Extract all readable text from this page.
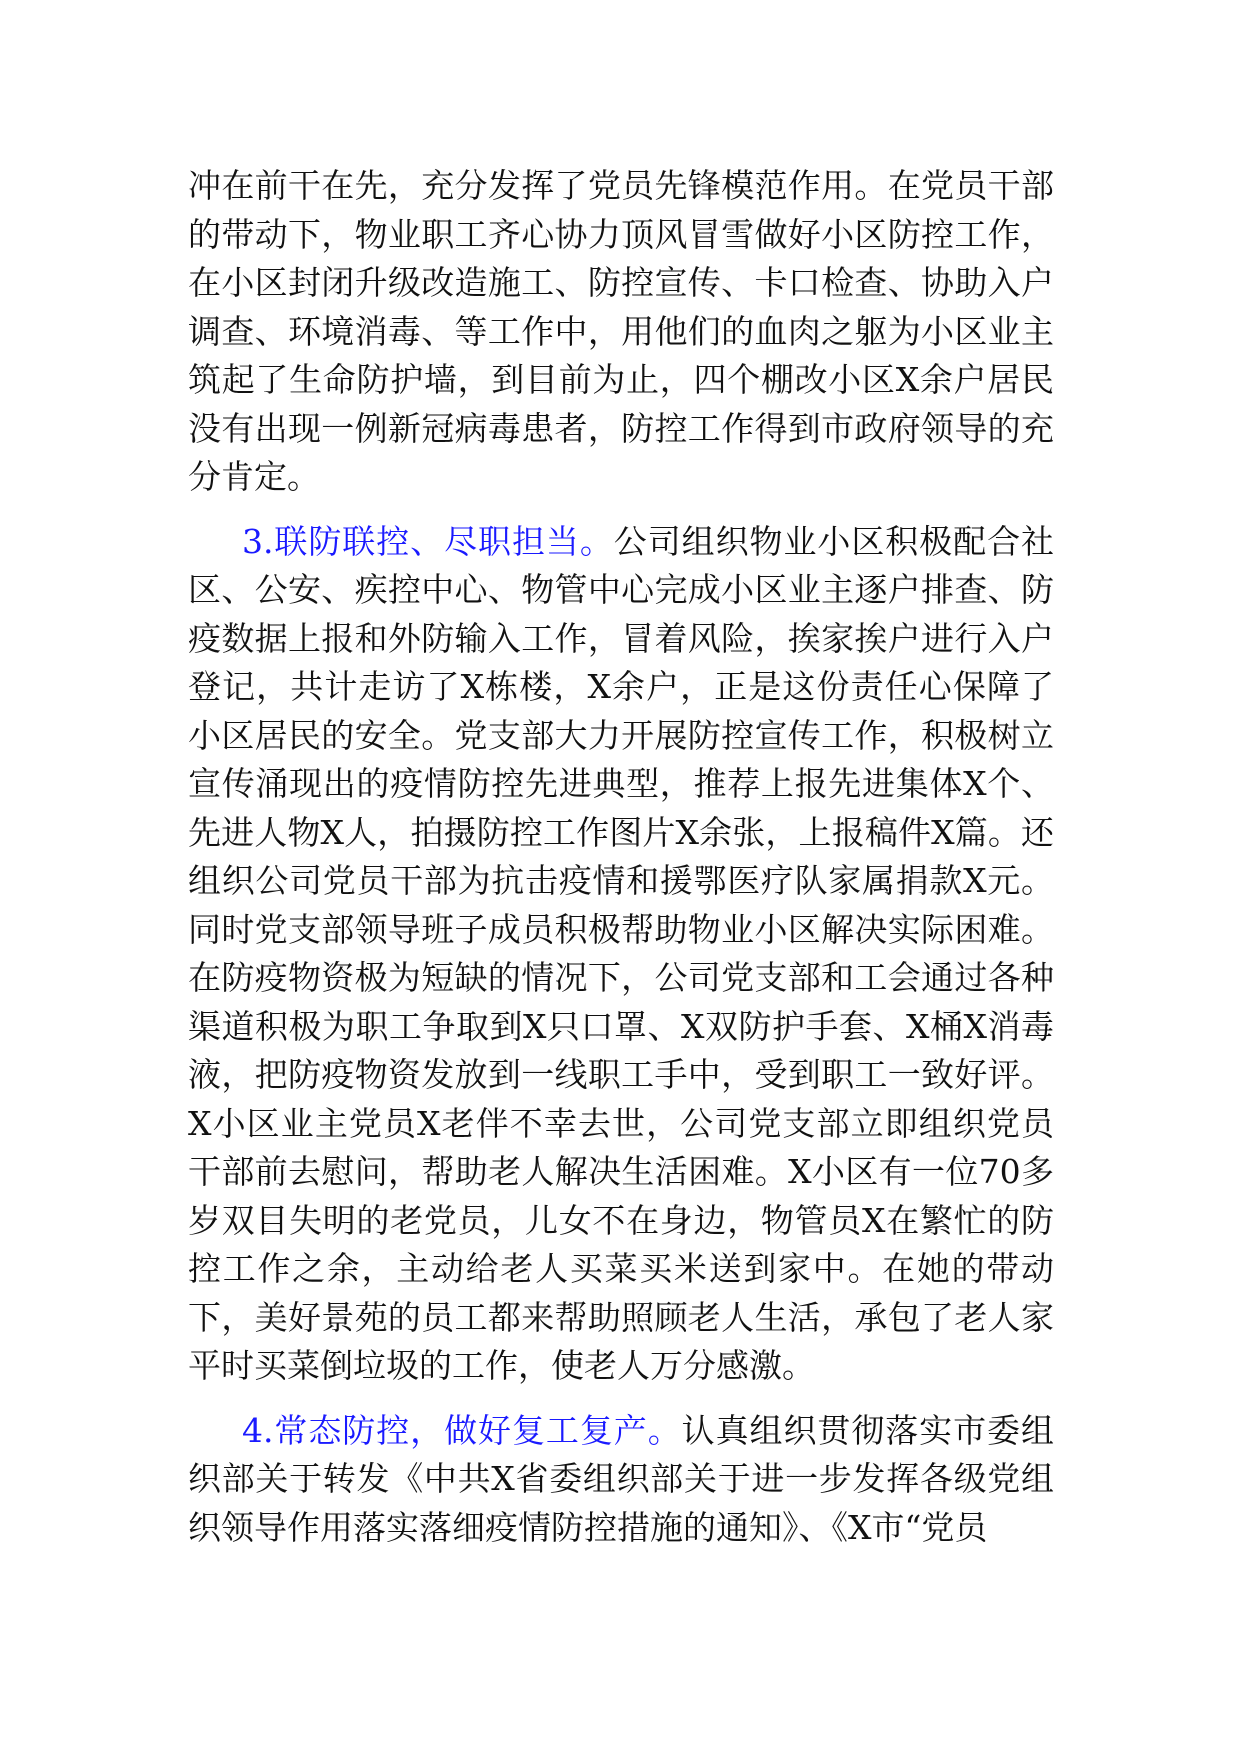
冲在前干在先，充分发挥了党员先锋模范作用。在党员干部的带动下，物业职工齐心协力顶风冒雪做好小区防控工作，在小区封闭升级改造施工、防控宣传、卡口检查、协助入户调查、环境消毒、等工作中，用他们的血肉之躯为小区业主筑起了生命防护墙，到目前为止，四个棚改小区X余户居民没有出现一例新冠病毒患者，防控工作得到市政府领导的充分肯定。

3.联防联控、尽职担当。公司组织物业小区积极配合社区、公安、疾控中心、物管中心完成小区业主逐户排查、防疫数据上报和外防输入工作，冒着风险，挨家挨户进行入户登记，共计走访了X栋楼，X余户，正是这份责任心保障了小区居民的安全。党支部大力开展防控宣传工作，积极树立宣传涌现出的疫情防控先进典型，推荐上报先进集体X个、先进人物X人，拍摄防控工作图片X余张，上报稿件X篇。还组织公司党员干部为抗击疫情和援鄂医疗队家属捐款X元。同时党支部领导班子成员积极帮助物业小区解决实际困难。在防疫物资极为短缺的情况下，公司党支部和工会通过各种渠道积极为职工争取到X只口罩、X双防护手套、X桶X消毒液，把防疫物资发放到一线职工手中，受到职工一致好评。X小区业主党员X老伴不幸去世，公司党支部立即组织党员干部前去慰问，帮助老人解决生活困难。X小区有一位70多岁双目失明的老党员，儿女不在身边，物管员X在繁忙的防控工作之余，主动给老人买菜买米送到家中。在她的带动下，美好景苑的员工都来帮助照顾老人生活，承包了老人家平时买菜倒垃圾的工作，使老人万分感激。

4.常态防控，做好复工复产。认真组织贯彻落实市委组织部关于转发《中共X省委组织部关于进一步发挥各级党组织领导作用落实落细疫情防控措施的通知》、《X市“党员
